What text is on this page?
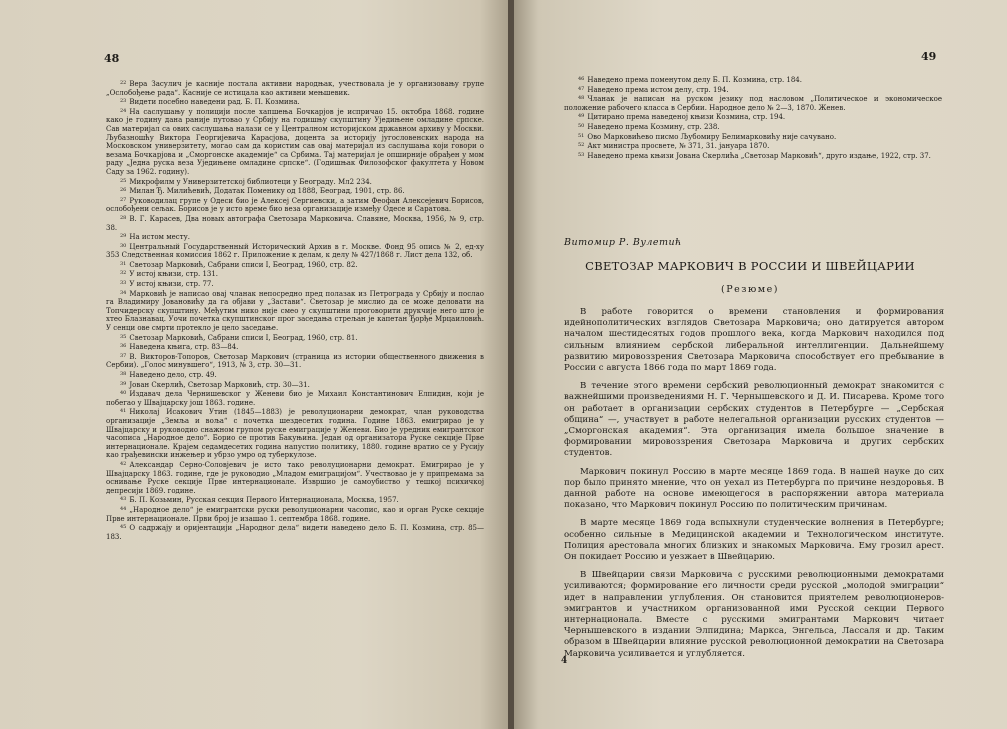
48

$^{22}$ Вера Засулич је касније постала активни народњак, учествовала је у организовању групе „Ослобођење рада“. Касније се истицала као активни мењшевик.

$^{23}$ Видети посебно наведени рад. Б. П. Козмина.

$^{24}$ На саслушању у полицији после хапшења Бочкарјов је испричао 15. октобра 1868. године како је годину дана раније путовао у Србију на годишњу скупштину Уједињене омладине српске. Сав материјал са ових саслушања налази се у Централном историјском државном архиву у Москви. Љубазношћу Виктора Георгијевича Карасјова, доцента за историју југословенских народа на Московском универзитету, могао сам да користим сав овај материјал из саслушања који говори о везама Бочкарјова и „Сморгонске академије“ са Србима. Тај материјал је опширније обрађен у мом раду „Једна руска веза Уједињене омладине српске“. (Годишњак Филозофског факултета у Новом Саду за 1962. годину).

$^{25}$ Микрофилм у Универзитетској библиотеци у Београду. Мл2 234.

$^{26}$ Милан Ђ. Милићевић, Додатак Поменику од 1888, Београд, 1901, стр. 86.

$^{27}$ Руководилац групе у Одеси био је Алексеј Сергиевски, а затим Феофан Алексејевич Борисов, ослобођени сељак. Борисов је у исто време био веза организације између Одесе и Саратова.

$^{28}$ В. Г. Карасев, Два новых автографа Светозара Марковича. Славяне, Москва, 1956, № 9, стр. 38.

$^{29}$ На истом месту.

$^{30}$ Центральный Государственный Исторический Архив в г. Москве. Фонд 95 опись № 2, ед-ху 353 Следственная комиссия 1862 г. Приложение к делам, к делу № 427/1868 г. Лист дела 132, об.

$^{31}$ Светозар Марковић, Сабрани списи I, Београд, 1960, стр. 82.

$^{32}$ У истој књизи, стр. 131.

$^{33}$ У истој књизи, стр. 77.

$^{34}$ Марковић је написао овај чланак непосредно пред полазак из Петрограда у Србију и послао га Владимиру Јовановићу да га објави у „Застави“. Светозар је мислио да се може деловати на Топчидерску скупштину. Међутим нико није смео у скупштини проговорити друкчије него што је хтео Блазнавац. Уочи почетка скупштинског прог заседања стрељан је капетан Ђорђе Мрцаиловић. У сенци ове смрти протекло је цело заседање.

$^{35}$ Светозар Марковић, Сабрани списи I, Београд, 1960, стр. 81.

$^{36}$ Наведена књига, стр. 83—84.

$^{37}$ В. Викторов-Топоров, Светозар Маркович (страница из истории общественного движения в Сербии). „Голос минувшего“, 1913, № 3, стр. 30—31.

$^{38}$ Наведено дело, стр. 49.

$^{39}$ Јован Скерлић, Светозар Марковић, стр. 30—31.

$^{40}$ Издавач дела Чернишевског у Женеви био је Михаил Константинович Елпидин, који је побегао у Швајцарску још 1863. године.

$^{41}$ Николај Исакович Утин (1845—1883) је револуционарни демократ, члан руководства организације „Земља и воља“ с почетка шездесетих година. Године 1863. емигрирао је у Швајцарску и руководио снажном групом руске емиграције у Женеви. Био је уредник емигрантског часописа „Народное дело“. Борио се против Бакуњина. Један од организатора Руске секције Прве интернационале. Крајем седамдесетих година напустио политику, 1880. године вратио се у Русију као грађевински инжењер и убрзо умро од туберкулозе.

$^{42}$ Александар Серно-Соловјевич је исто тако револуционарни демократ. Емигрирао је у Швајцарску 1863. године, где је руководио „Младом емиграцијом“. Учествовао је у припремама за оснивање Руске секције Прве интернационале. Извршио је самоубиство у тешкој психичкој депресији 1869. године.

$^{43}$ Б. П. Козьмин, Русская секция Первого Интернационала, Москва, 1957.

$^{44}$ „Народное дело“ је емигрантски руски револуционарни часопис, као и орган Руске секције Прве интернационале. Први број је изашао 1. септембра 1868. године.

$^{45}$ О садржају и оријентацији „Народног дела“ видети наведено дело Б. П. Козмина, стр. 85—183.

49

$^{46}$ Наведено према поменутом делу Б. П. Козмина, стр. 184.

$^{47}$ Наведено према истом делу, стр. 194.

$^{48}$ Чланак је написан на руском језику под насловом „Политическое и экономическое положение рабочего класса в Сербии. Народное дело № 2—3, 1870. Женев.

$^{49}$ Цитирано према наведеној књизи Козмина, стр. 194.

$^{50}$ Наведено према Козмину, стр. 238.

$^{51}$ Ово Марковићево писмо Љубомиру Белимарковићу није сачувано.

$^{52}$ Акт министра просвете, № 371, 31. јануара 1870.

$^{53}$ Наведено према књизи Јована Скерлића „Светозар Марковић“, друго издање, 1922, стр. 37.

Витомир Р. Вулетић
СВЕТОЗАР МАРКОВИЧ В РОССИИ И ШВЕЙЦАРИИ
(Резюме)

В работе говорится о времени становления и формирования идейнополитических взглядов Светозара Марковича; оно датируется автором началом шестидесятых годов прошлого века, когда Маркович находился под сильным влиянием сербской либеральной интеллигенции. Дальнейшему развитию мировоззрения Светозара Марковича способствует его пребывание в России с августа 1866 года по март 1869 года.

В течение этого времени сербский революционный демократ знакомится с важнейшими произведениями Н. Г. Чернышевского и Д. И. Писарева. Кроме того он работает в организации сербских студентов в Петербурге — „Сербская община“ —, участвует в работе нелегальной организации русских студентов — „Сморгонская академия“. Эта организация имела большое значение в формировании мировоззрения Светозара Марковича и других сербских студентов.

Маркович покинул Россию в марте месяце 1869 года. В нашей науке до сих пор было принято мнение, что он уехал из Петербурга по причине нездоровья. В данной работе на основе имеющегося в распоряжении автора материала показано, что Маркович покинул Россию по политическим причинам.

В марте месяце 1869 года вспыхнули студенческие волнения в Петербурге; особенно сильные в Медицинской академии и Технологическом институте. Полиция арестовала многих близких и знакомых Марковича. Ему грозил арест. Он покидает Россию и уезжает в Швейцарию.

В Швейцарии связи Марковича с русскими революционными демократами усиливаются; формирование его личности среди русской „молодой эмиграции“ идет в направлении углубления. Он становится приятелем революционеров-эмигрантов и участником организованной ими Русской секции Первого интернационала. Вместе с русскими эмигрантами Маркович читает Чернышевского в издании Элпидина; Маркса, Энгельса, Лассаля и др. Таким образом в Швейцарии влияние русской революционной демократии на Светозара Марковича усиливается и углубляется.

4
